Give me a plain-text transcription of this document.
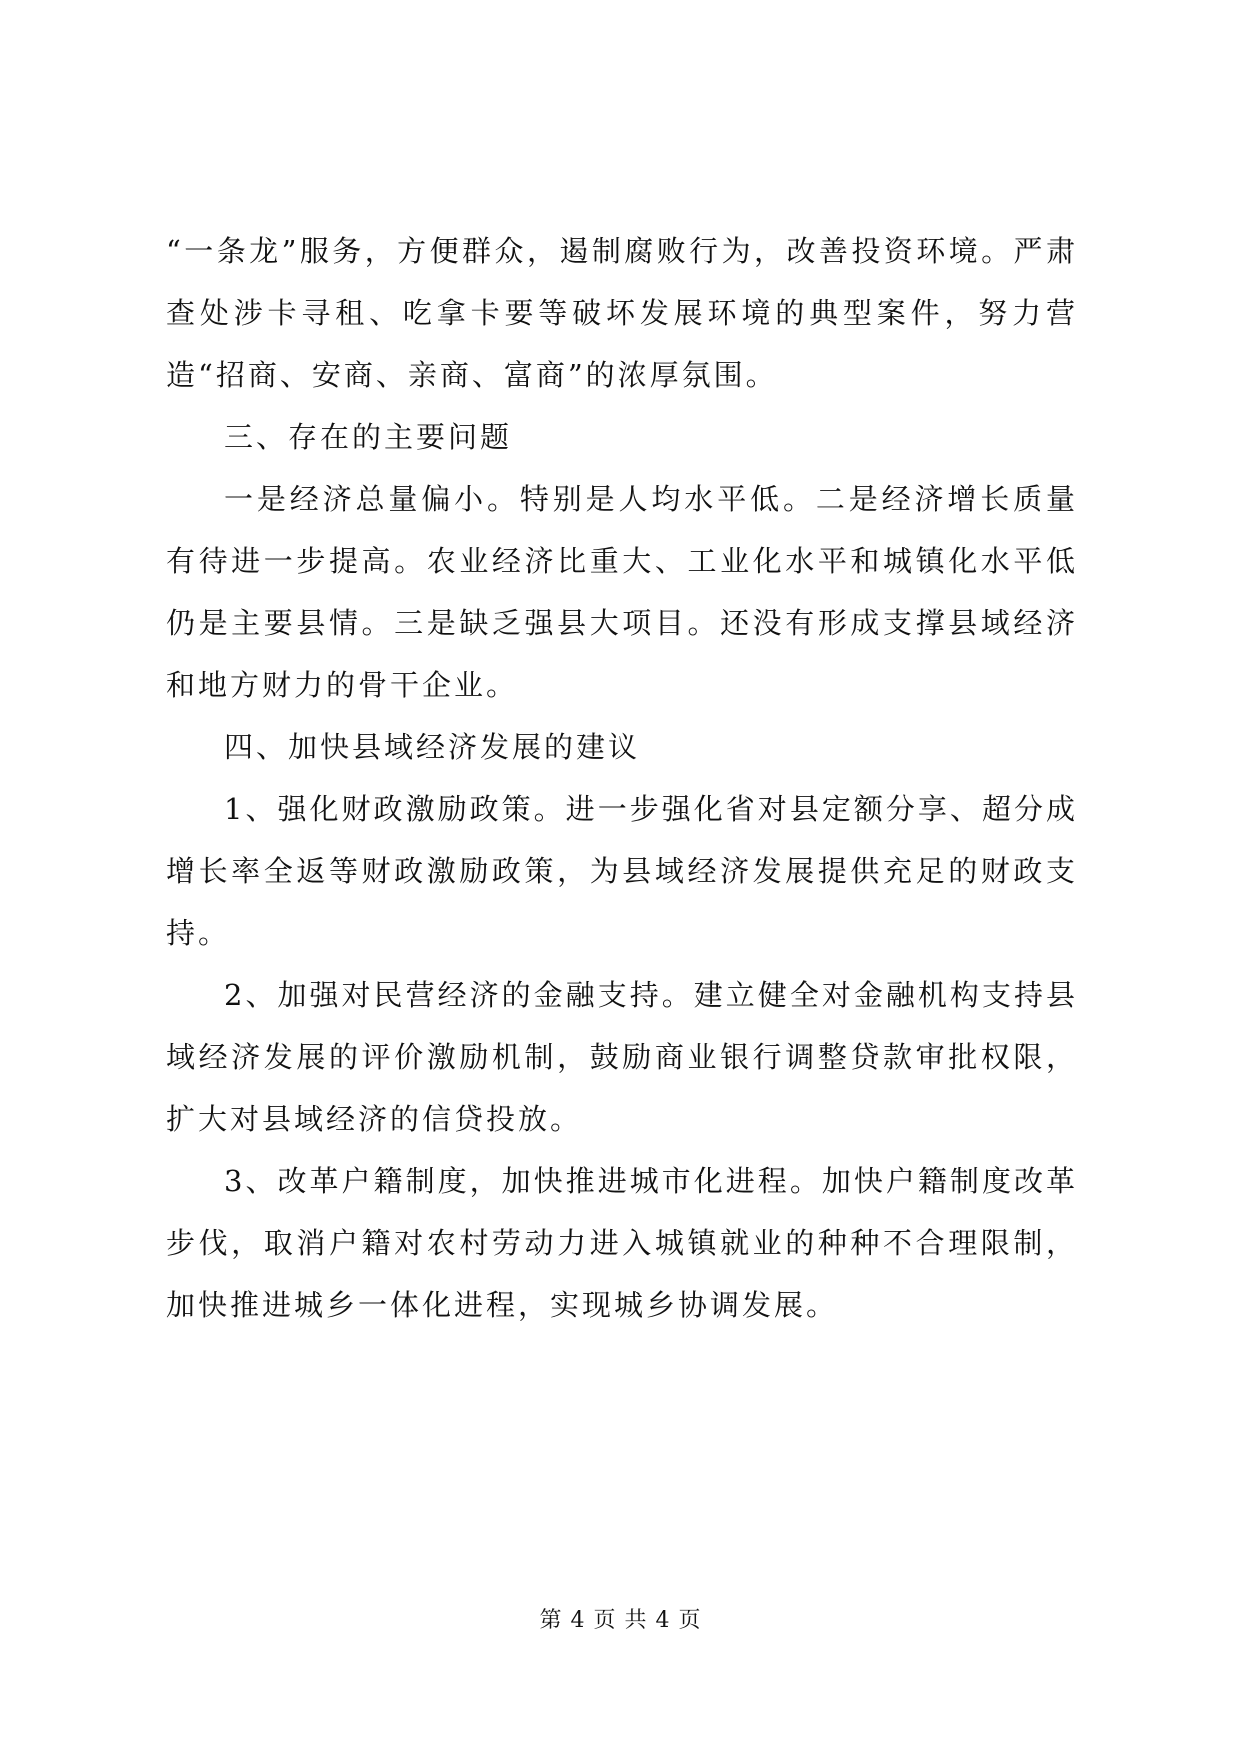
“一条龙”服务，方便群众，遏制腐败行为，改善投资环境。严肃查处涉卡寻租、吃拿卡要等破坏发展环境的典型案件，努力营造“招商、安商、亲商、富商”的浓厚氛围。

三、存在的主要问题

一是经济总量偏小。特别是人均水平低。二是经济增长质量有待进一步提高。农业经济比重大、工业化水平和城镇化水平低仍是主要县情。三是缺乏强县大项目。还没有形成支撑县域经济和地方财力的骨干企业。

四、加快县域经济发展的建议

1、强化财政激励政策。进一步强化省对县定额分享、超分成增长率全返等财政激励政策，为县域经济发展提供充足的财政支持。

2、加强对民营经济的金融支持。建立健全对金融机构支持县域经济发展的评价激励机制，鼓励商业银行调整贷款审批权限，扩大对县域经济的信贷投放。

3、改革户籍制度，加快推进城市化进程。加快户籍制度改革步伐，取消户籍对农村劳动力进入城镇就业的种种不合理限制，加快推进城乡一体化进程，实现城乡协调发展。

第 4 页 共 4 页
